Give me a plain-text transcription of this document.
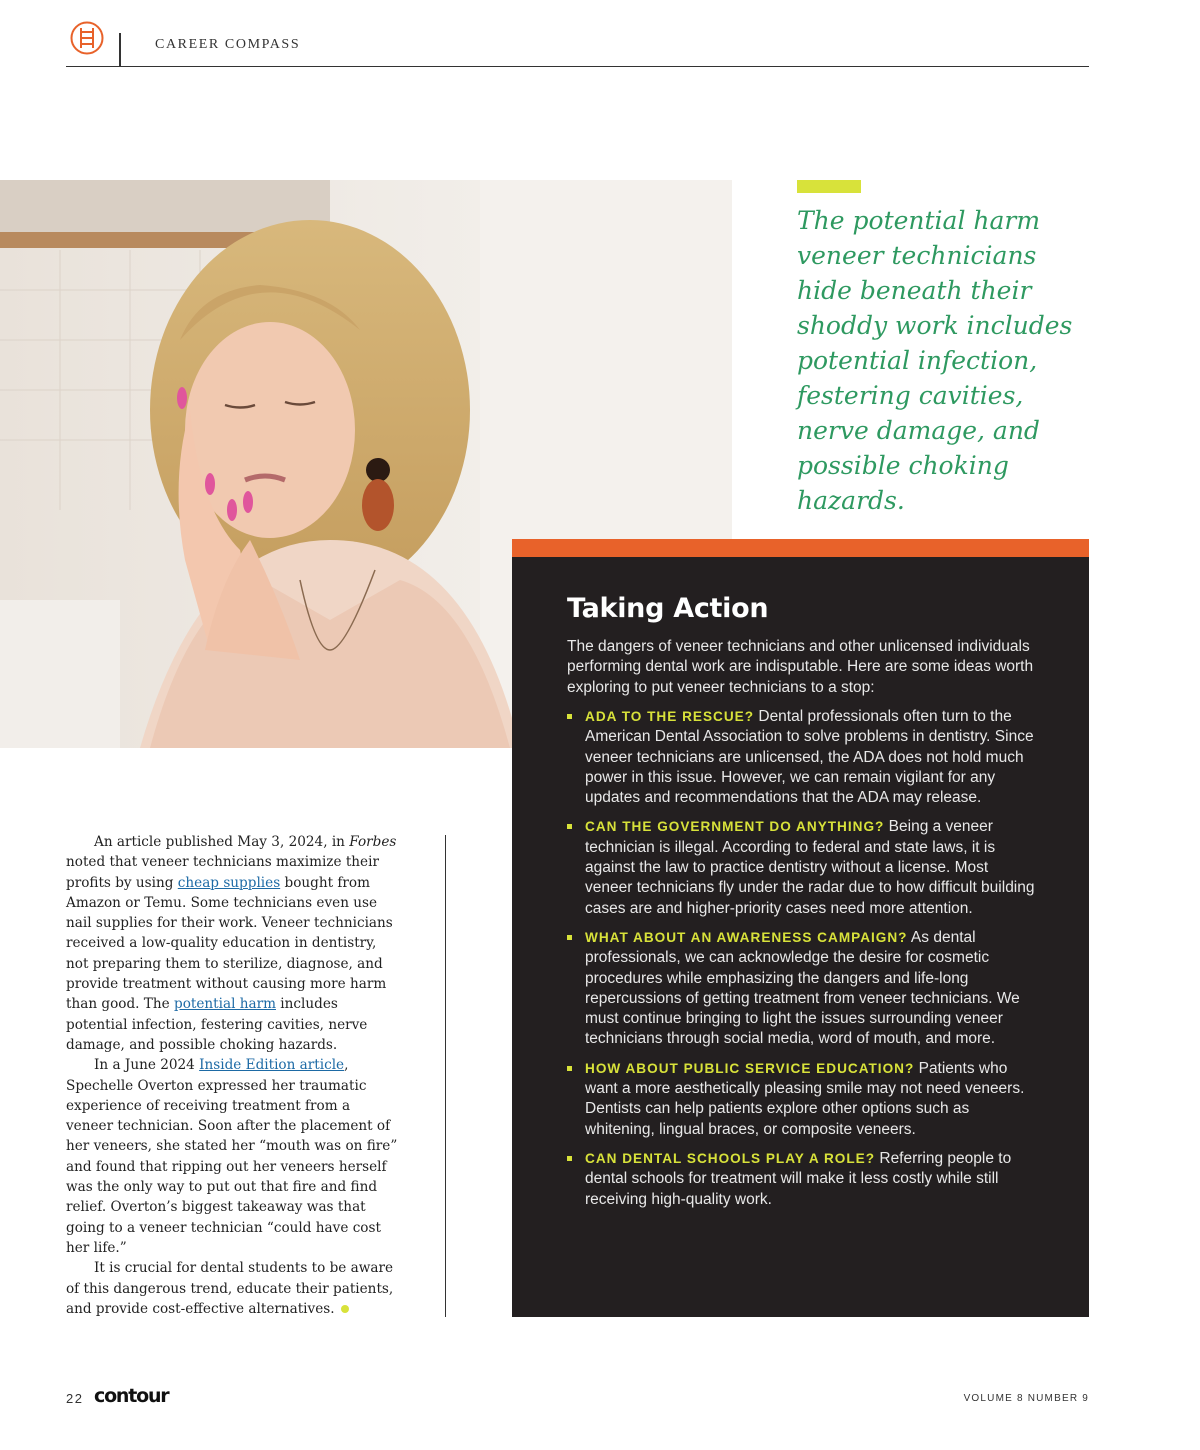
CAREER COMPASS
The potential harm veneer technicians hide beneath their shoddy work includes potential infection, festering cavities, nerve damage, and possible choking hazards.

An article published May 3, 2024, in Forbes noted that veneer technicians maximize their profits by using cheap supplies bought from Amazon or Temu. Some technicians even use nail supplies for their work. Veneer technicians received a low-quality education in dentistry, not preparing them to sterilize, diagnose, and provide treatment without causing more harm than good. The potential harm includes potential infection, festering cavities, nerve damage, and possible choking hazards.

In a June 2024 Inside Edition article, Spechelle Overton expressed her traumatic experience of receiving treatment from a veneer technician. Soon after the placement of her veneers, she stated her “mouth was on fire” and found that ripping out her veneers herself was the only way to put out that fire and find relief. Overton’s biggest takeaway was that going to a veneer technician “could have cost her life.”

It is crucial for dental students to be aware of this dangerous trend, educate their patients, and provide cost-effective alternatives.

Taking Action

The dangers of veneer technicians and other unlicensed individuals performing dental work are indisputable. Here are some ideas worth exploring to put veneer technicians to a stop:

ADA TO THE RESCUE? Dental professionals often turn to the American Dental Association to solve problems in dentistry. Since veneer technicians are unlicensed, the ADA does not hold much power in this issue. However, we can remain vigilant for any updates and recommendations that the ADA may release.
CAN THE GOVERNMENT DO ANYTHING? Being a veneer technician is illegal. According to federal and state laws, it is against the law to practice dentistry without a license. Most veneer technicians fly under the radar due to how difficult building cases are and higher-priority cases need more attention.
WHAT ABOUT AN AWARENESS CAMPAIGN? As dental professionals, we can acknowledge the desire for cosmetic procedures while emphasizing the dangers and life-long repercussions of getting treatment from veneer technicians. We must continue bringing to light the issues surrounding veneer technicians through social media, word of mouth, and more.
HOW ABOUT PUBLIC SERVICE EDUCATION? Patients who want a more aesthetically pleasing smile may not need veneers. Dentists can help patients explore other options such as whitening, lingual braces, or composite veneers.
CAN DENTAL SCHOOLS PLAY A ROLE? Referring people to dental schools for treatment will make it less costly while still receiving high-quality work.
22 contour	VOLUME 8 NUMBER 9
